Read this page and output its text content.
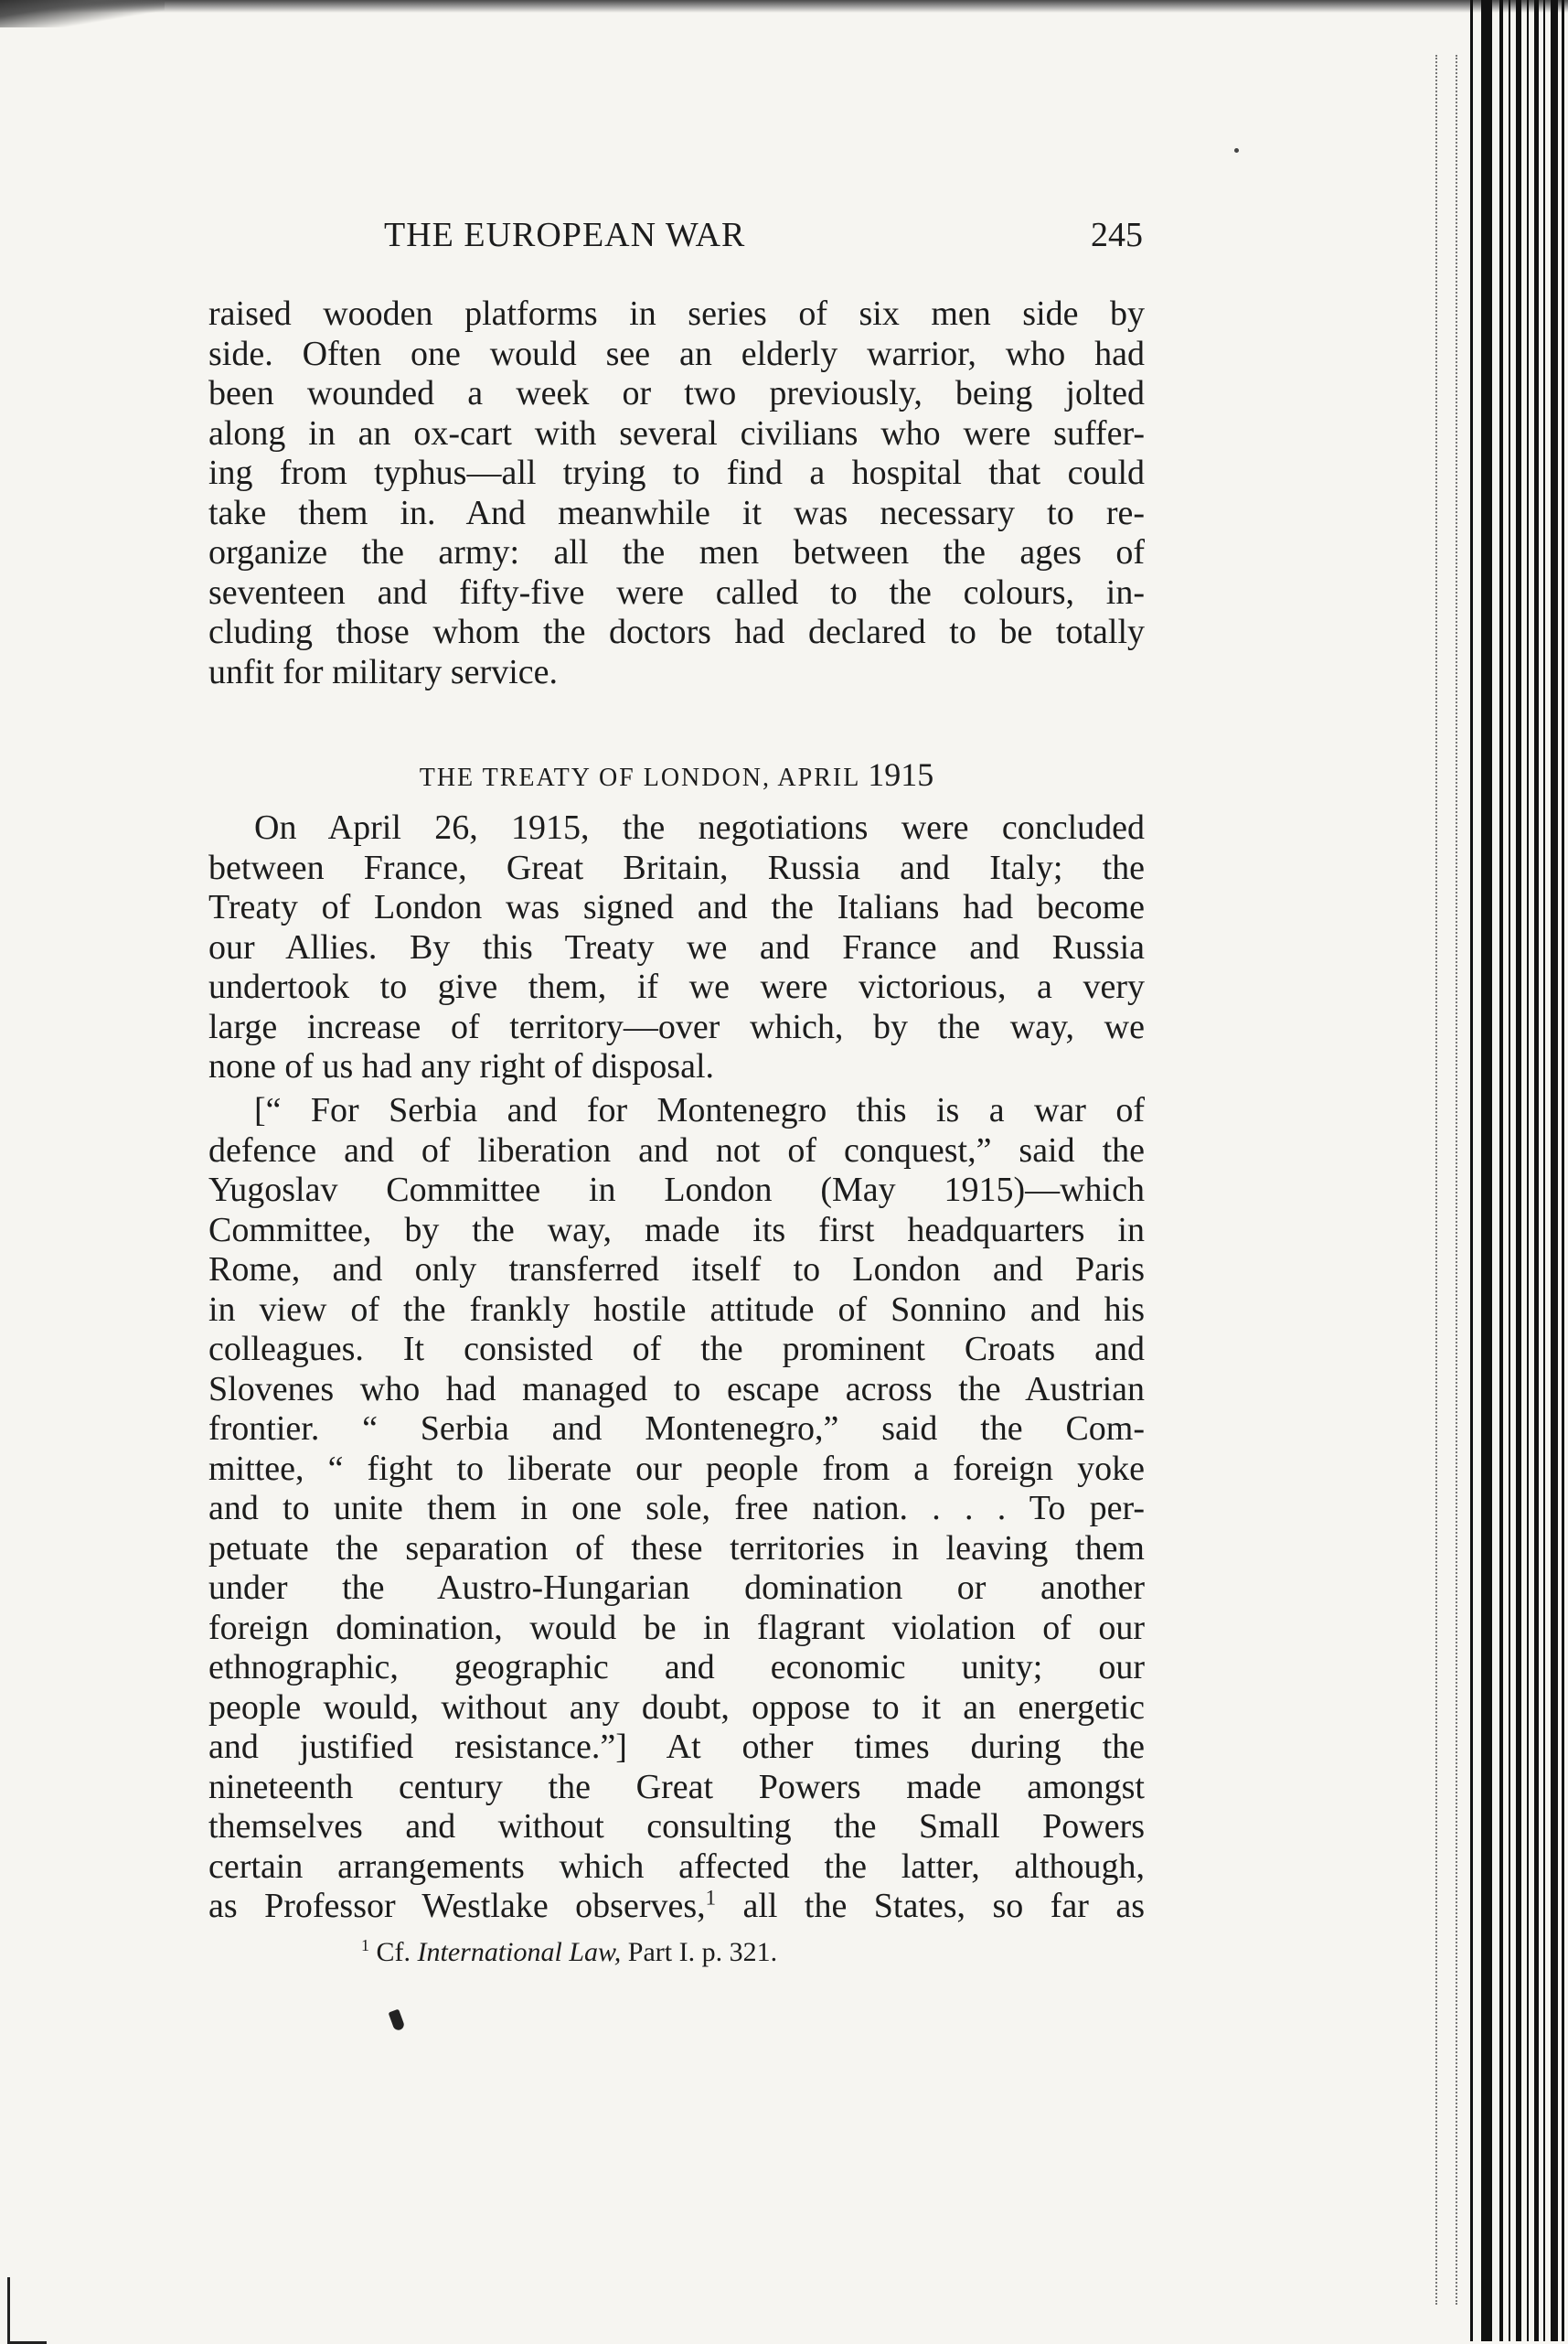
THE EUROPEAN WAR	245
raised wooden platforms in series of six men side by
side. Often one would see an elderly warrior, who had
been wounded a week or two previously, being jolted
along in an ox-cart with several civilians who were suffer-
ing from typhus—all trying to find a hospital that could
take them in. And meanwhile it was necessary to re-
organize the army: all the men between the ages of
seventeen and fifty-five were called to the colours, in-
cluding those whom the doctors had declared to be totally
unfit for military service.
THE TREATY OF LONDON, APRIL 1915
On April 26, 1915, the negotiations were concluded
between France, Great Britain, Russia and Italy; the
Treaty of London was signed and the Italians had become
our Allies. By this Treaty we and France and Russia
undertook to give them, if we were victorious, a very
large increase of territory—over which, by the way, we
none of us had any right of disposal.
[“ For Serbia and for Montenegro this is a war of
defence and of liberation and not of conquest,” said the
Yugoslav Committee in London (May 1915)—which
Committee, by the way, made its first headquarters in
Rome, and only transferred itself to London and Paris
in view of the frankly hostile attitude of Sonnino and his
colleagues. It consisted of the prominent Croats and
Slovenes who had managed to escape across the Austrian
frontier. “ Serbia and Montenegro,” said the Com-
mittee, “ fight to liberate our people from a foreign yoke
and to unite them in one sole, free nation. . . . To per-
petuate the separation of these territories in leaving them
under the Austro-Hungarian domination or another
foreign domination, would be in flagrant violation of our
ethnographic, geographic and economic unity; our
people would, without any doubt, oppose to it an energetic
and justified resistance.”] At other times during the
nineteenth century the Great Powers made amongst
themselves and without consulting the Small Powers
certain arrangements which affected the latter, although,
as Professor Westlake observes,$^1$ all the States, so far as
$^1$ Cf. International Law, Part I. p. 321.
